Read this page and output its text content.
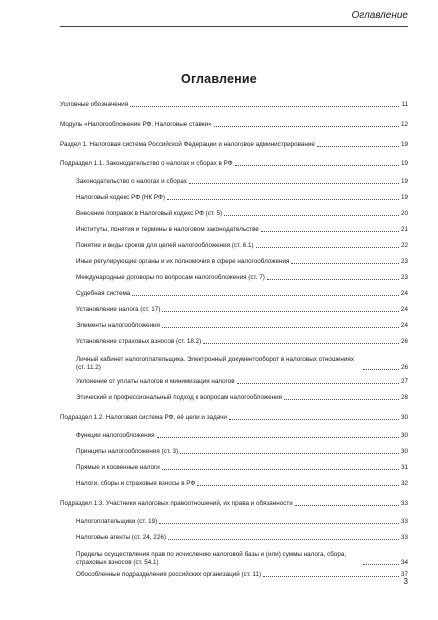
Оглавление
Оглавление
Условные обозначения	11
Модуль «Налогообложение РФ. Налоговые ставки»	12
Раздел 1. Налоговая система Российской Федерации и налоговое администрирование	19
Подраздел 1.1. Законодательство о налогах и сборах в РФ	19
Законодательство о налогах и сборах	19
Налоговый кодекс РФ (НК РФ)	19
Внесение поправок в Налоговый кодекс РФ (ст. 5)	20
Институты, понятия и термины в налоговом законодательстве	21
Понятие и виды сроков для целей налогообложения (ст. 6.1)	22
Иные регулирующие органы и их полномочия в сфере налогообложения	23
Международные договоры по вопросам налогообложения (ст. 7)	23
Судебная система	24
Установление налога (ст. 17)	24
Элементы налогообложения	24
Установление страховых взносов (ст. 18.2)	26
Личный кабинет налогоплательщика. Электронный документооборот в налоговых отношениях (ст. 11.2)	26
Уклонение от уплаты налогов и минимизация налогов	27
Этический и профессиональный подход к вопросам налогообложения	28
Подраздел 1.2. Налоговая система РФ, её цели и задачи	30
Функции налогообложения	30
Принципы налогообложения (ст. 3)	30
Прямые и косвенные налоги	31
Налоги, сборы и страховые взносы в РФ	32
Подраздел 1.3. Участники налоговых правоотношений, их права и обязанности	33
Налогоплательщики (ст. 19)	33
Налоговые агенты (ст. 24, 226)	33
Пределы осуществления прав по исчислению налоговой базы и (или) суммы налога, сбора, страховых взносов (ст. 54.1)	34
Обособленные подразделения российских организаций (ст. 11)	37
3
